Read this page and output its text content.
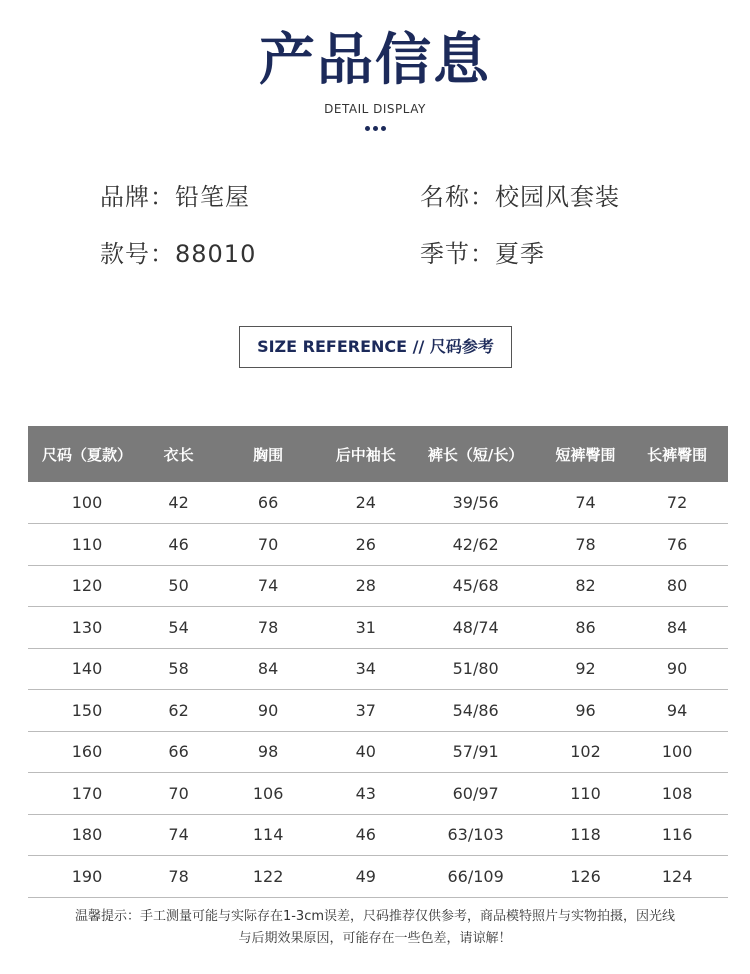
产品信息
DETAIL DISPLAY
品牌：铅笔屋	名称：校园风套装
款号：88010	季节：夏季
SIZE REFERENCE // 尺码参考
尺码（夏款）	衣长	胸围	后中袖长	裤长（短/长）	短裤臀围	长裤臀围
100	42	66	24	39/56	74	72
110	46	70	26	42/62	78	76
120	50	74	28	45/68	82	80
130	54	78	31	48/74	86	84
140	58	84	34	51/80	92	90
150	62	90	37	54/86	96	94
160	66	98	40	57/91	102	100
170	70	106	43	60/97	110	108
180	74	114	46	63/103	118	116
190	78	122	49	66/109	126	124
温馨提示：手工测量可能与实际存在1-3cm误差，尺码推荐仅供参考，商品模特照片与实物拍摄，因光线
与后期效果原因，可能存在一些色差，请谅解！
